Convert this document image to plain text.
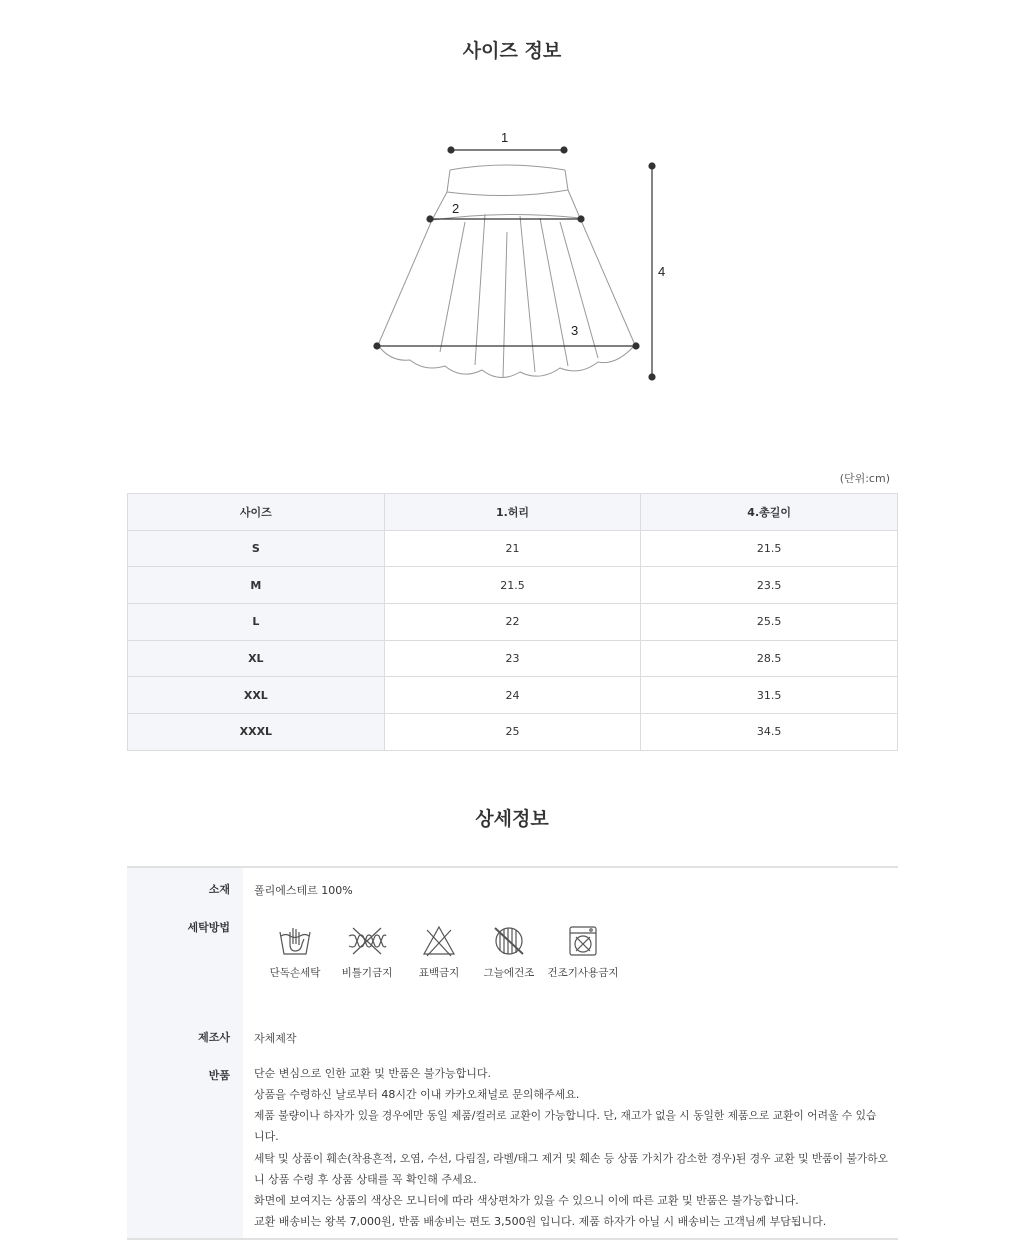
사이즈 정보
1
2
3
4
(단위:cm)
사이즈	1.허리	4.총길이
S	21	21.5
M	21.5	23.5
L	22	25.5
XL	23	28.5
XXL	24	31.5
XXXL	25	34.5
상세정보
소재 폴리에스테르 100%
세탁방법
단독손세탁	비틀기금지	표백금지	그늘에건조	건조기사용금지
제조사 자체제작
반품 단순 변심으로 인한 교환 및 반품은 불가능합니다.
상품을 수령하신 날로부터 48시간 이내 카카오채널로 문의해주세요.
제품 불량이나 하자가 있을 경우에만 동일 제품/컬러로 교환이 가능합니다. 단, 재고가 없을 시 동일한 제품으로 교환이 어려울 수 있습
니다.
세탁 및 상품이 훼손(착용흔적, 오염, 수선, 다림질, 라벨/태그 제거 및 훼손 등 상품 가치가 감소한 경우)된 경우 교환 및 반품이 불가하오
니 상품 수령 후 상품 상태를 꼭 확인해 주세요.
화면에 보여지는 상품의 색상은 모니터에 따라 색상편차가 있을 수 있으니 이에 따른 교환 및 반품은 불가능합니다.
교환 배송비는 왕복 7,000원, 반품 배송비는 편도 3,500원 입니다. 제품 하자가 아닐 시 배송비는 고객님께 부담됩니다.
